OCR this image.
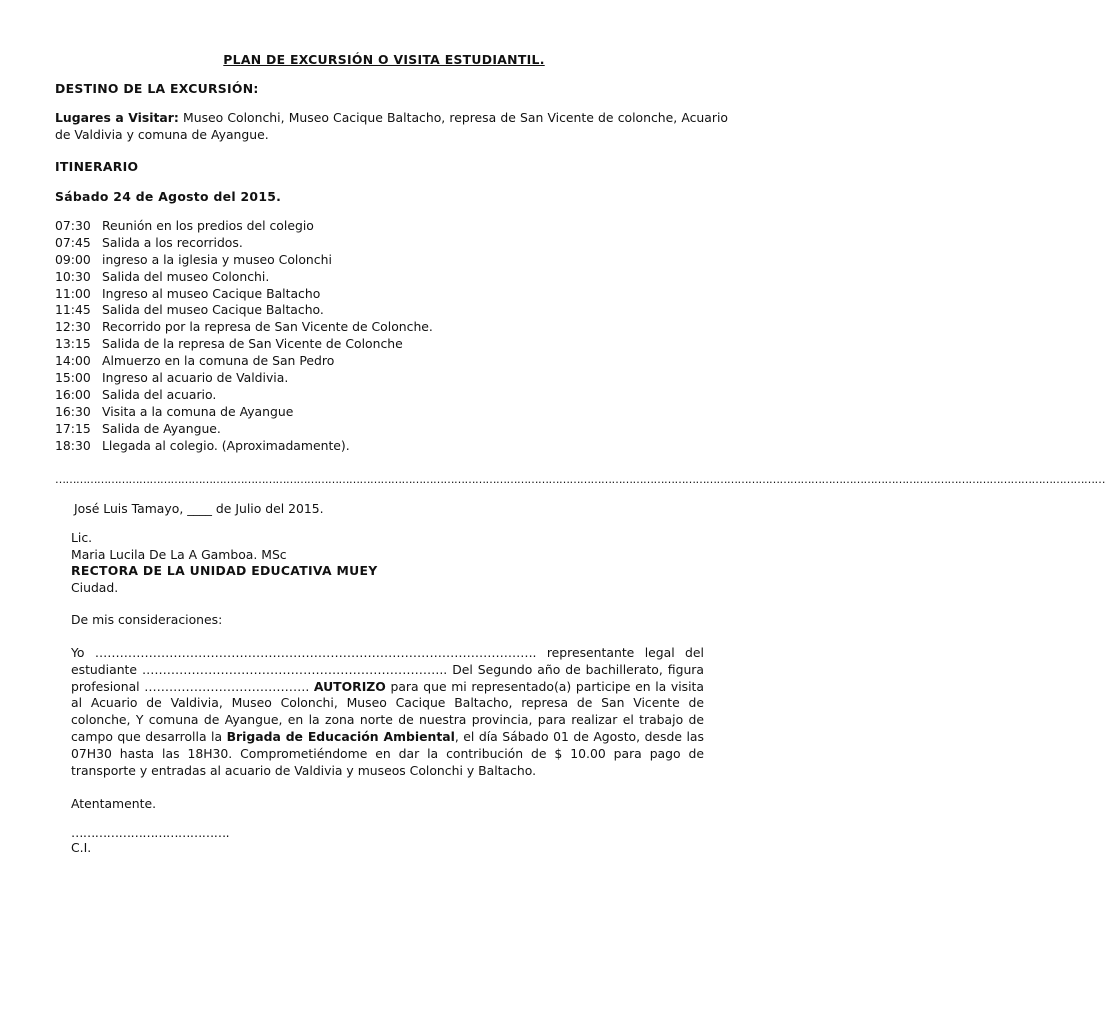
PLAN DE EXCURSIÓN O VISITA ESTUDIANTIL.
DESTINO DE LA EXCURSIÓN:
Lugares a Visitar: Museo Colonchi, Museo Cacique Baltacho, represa de San Vicente de colonche, Acuario de Valdivia y comuna de Ayangue.
ITINERARIO
Sábado 24 de Agosto del 2015.
07:30 Reunión en los predios del colegio
07:45 Salida a los recorridos.
09:00 ingreso a la iglesia y museo Colonchi
10:30 Salida del museo Colonchi.
11:00 Ingreso al museo Cacique Baltacho
11:45 Salida del museo Cacique Baltacho.
12:30 Recorrido por la represa de San Vicente de Colonche.
13:15 Salida de la represa de San Vicente de Colonche
14:00 Almuerzo en la comuna de San Pedro
15:00 Ingreso al acuario de Valdivia.
16:00 Salida del acuario.
16:30 Visita a la comuna de Ayangue
17:15 Salida de Ayangue.
18:30 Llegada al colegio. (Aproximadamente).
…………………………………………………………………………………………………………………………………………………………………………………………………………………………………………………………………………
José Luis Tamayo, ____ de Julio del 2015.
Lic.
Maria Lucila De La A Gamboa. MSc
RECTORA DE LA UNIDAD EDUCATIVA MUEY
Ciudad.
De mis consideraciones:
Yo …………………………………………………………………………………………….. representante legal del estudiante ……………………………………………………………….. Del Segundo año de bachillerato, figura profesional …………………………………. AUTORIZO para que mi representado(a) participe en la visita al Acuario de Valdivia, Museo Colonchi, Museo Cacique Baltacho, represa de San Vicente de colonche, Y comuna de Ayangue, en la zona norte de nuestra provincia, para realizar el trabajo de campo que desarrolla la Brigada de Educación Ambiental, el día Sábado 01 de Agosto, desde las 07H30 hasta las 18H30. Comprometiéndome en dar la contribución de $ 10.00 para pago de transporte y entradas al acuario de Valdivia y museos Colonchi y Baltacho.
Atentamente.
………………………………….
C.I.
